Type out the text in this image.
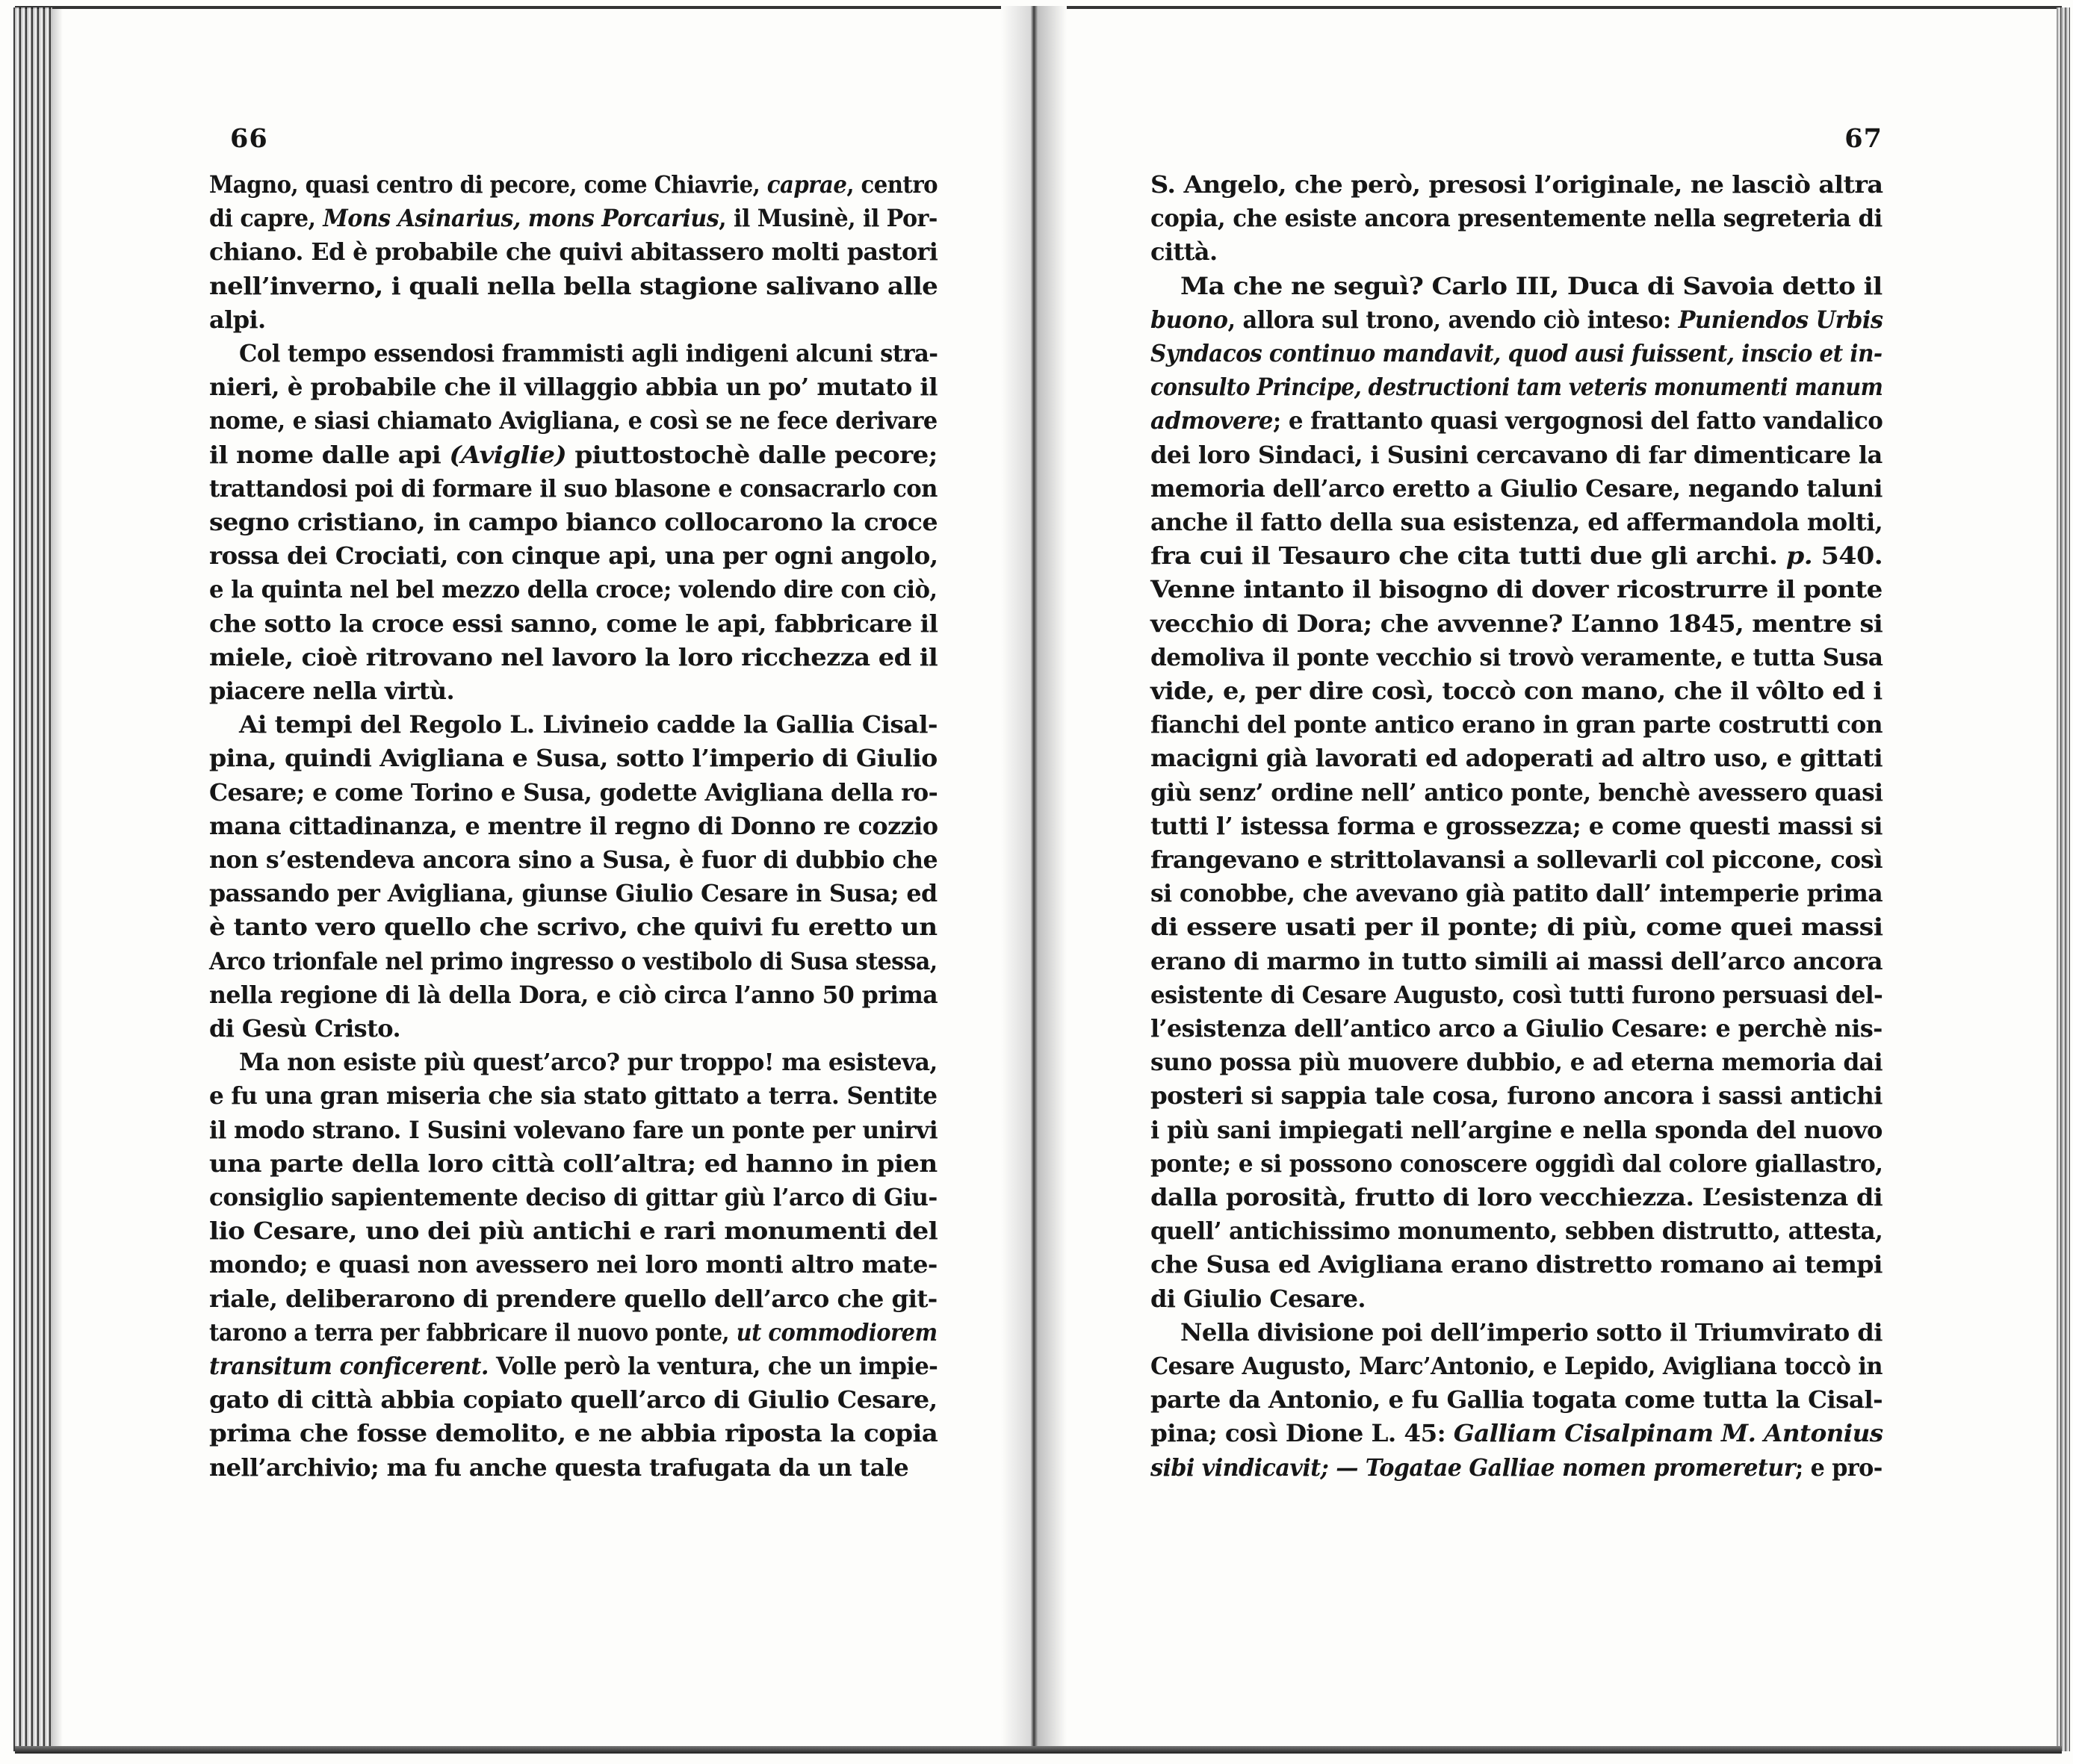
66
Magno, quasi centro di pecore, come Chiavrie, caprae, centro
di capre, Mons Asinarius, mons Porcarius, il Musinè, il Por-
chiano. Ed è probabile che quivi abitassero molti pastori
nell’inverno, i quali nella bella stagione salivano alle
alpi.
Col tempo essendosi frammisti agli indigeni alcuni stra-
nieri, è probabile che il villaggio abbia un po’ mutato il
nome, e siasi chiamato Avigliana, e così se ne fece derivare
il nome dalle api (Aviglie) piuttostochè dalle pecore;
trattandosi poi di formare il suo blasone e consacrarlo con
segno cristiano, in campo bianco collocarono la croce
rossa dei Crociati, con cinque api, una per ogni angolo,
e la quinta nel bel mezzo della croce; volendo dire con ciò,
che sotto la croce essi sanno, come le api, fabbricare il
miele, cioè ritrovano nel lavoro la loro ricchezza ed il
piacere nella virtù.
Ai tempi del Regolo L. Livineio cadde la Gallia Cisal-
pina, quindi Avigliana e Susa, sotto l’imperio di Giulio
Cesare; e come Torino e Susa, godette Avigliana della ro-
mana cittadinanza, e mentre il regno di Donno re cozzio
non s’estendeva ancora sino a Susa, è fuor di dubbio che
passando per Avigliana, giunse Giulio Cesare in Susa; ed
è tanto vero quello che scrivo, che quivi fu eretto un
Arco trionfale nel primo ingresso o vestibolo di Susa stessa,
nella regione di là della Dora, e ciò circa l’anno 50 prima
di Gesù Cristo.
Ma non esiste più quest’arco? pur troppo! ma esisteva,
e fu una gran miseria che sia stato gittato a terra. Sentite
il modo strano. I Susini volevano fare un ponte per unirvi
una parte della loro città coll’altra; ed hanno in pien
consiglio sapientemente deciso di gittar giù l’arco di Giu-
lio Cesare, uno dei più antichi e rari monumenti del
mondo; e quasi non avessero nei loro monti altro mate-
riale, deliberarono di prendere quello dell’arco che git-
tarono a terra per fabbricare il nuovo ponte, ut commodiorem
transitum conficerent. Volle però la ventura, che un impie-
gato di città abbia copiato quell’arco di Giulio Cesare,
prima che fosse demolito, e ne abbia riposta la copia
nell’archivio; ma fu anche questa trafugata da un tale
67
S. Angelo, che però, presosi l’originale, ne lasciò altra
copia, che esiste ancora presentemente nella segreteria di
città.
Ma che ne seguì? Carlo III, Duca di Savoia detto il
buono, allora sul trono, avendo ciò inteso: Puniendos Urbis
Syndacos continuo mandavit, quod ausi fuissent, inscio et in-
consulto Principe, destructioni tam veteris monumenti manum
admovere; e frattanto quasi vergognosi del fatto vandalico
dei loro Sindaci, i Susini cercavano di far dimenticare la
memoria dell’arco eretto a Giulio Cesare, negando taluni
anche il fatto della sua esistenza, ed affermandola molti,
fra cui il Tesauro che cita tutti due gli archi. p. 540.
Venne intanto il bisogno di dover ricostrurre il ponte
vecchio di Dora; che avvenne? L’anno 1845, mentre si
demoliva il ponte vecchio si trovò veramente, e tutta Susa
vide, e, per dire così, toccò con mano, che il vôlto ed i
fianchi del ponte antico erano in gran parte costrutti con
macigni già lavorati ed adoperati ad altro uso, e gittati
giù senz’ ordine nell’ antico ponte, benchè avessero quasi
tutti l’ istessa forma e grossezza; e come questi massi si
frangevano e strittolavansi a sollevarli col piccone, così
si conobbe, che avevano già patito dall’ intemperie prima
di essere usati per il ponte; di più, come quei massi
erano di marmo in tutto simili ai massi dell’arco ancora
esistente di Cesare Augusto, così tutti furono persuasi del-
l’esistenza dell’antico arco a Giulio Cesare: e perchè nis-
suno possa più muovere dubbio, e ad eterna memoria dai
posteri si sappia tale cosa, furono ancora i sassi antichi
i più sani impiegati nell’argine e nella sponda del nuovo
ponte; e si possono conoscere oggidì dal colore giallastro,
dalla porosità, frutto di loro vecchiezza. L’esistenza di
quell’ antichissimo monumento, sebben distrutto, attesta,
che Susa ed Avigliana erano distretto romano ai tempi
di Giulio Cesare.
Nella divisione poi dell’imperio sotto il Triumvirato di
Cesare Augusto, Marc’Antonio, e Lepido, Avigliana toccò in
parte da Antonio, e fu Gallia togata come tutta la Cisal-
pina; così Dione L. 45: Galliam Cisalpinam M. Antonius
sibi vindicavit; — Togatae Galliae nomen promeretur; e pro-
